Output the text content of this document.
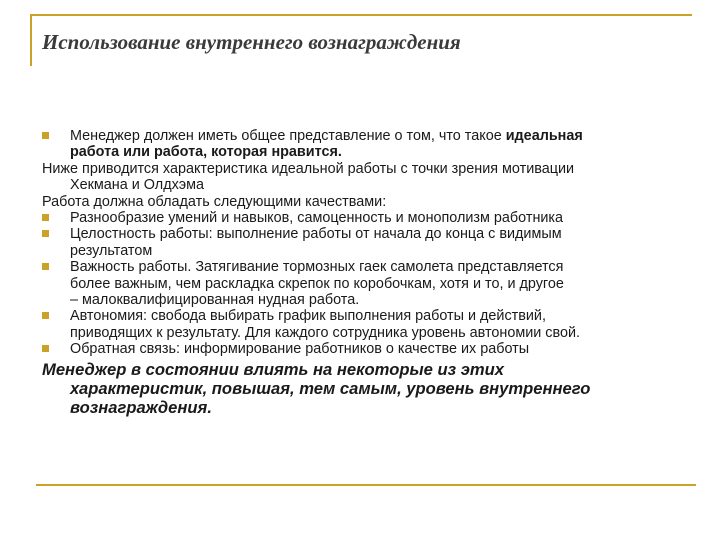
Использование внутреннего вознаграждения
Менеджер должен иметь общее представление о том, что такое идеальная
работа или работа, которая нравится.
Ниже приводится характеристика идеальной работы с точки зрения мотивации
Хекмана и Олдхэма
Работа должна обладать следующими качествами:
Разнообразие умений и навыков, самоценность и монополизм работника
Целостность работы: выполнение работы от начала до конца с видимым
результатом
Важность работы. Затягивание тормозных гаек самолета представляется
более важным, чем раскладка скрепок по коробочкам, хотя и то, и другое
– малоквалифицированная нудная работа.
Автономия: свобода выбирать график выполнения работы и действий,
приводящих к результату. Для каждого сотрудника уровень автономии свой.
Обратная связь: информирование работников о качестве их работы
Менеджер в состоянии влиять на некоторые из этих
характеристик, повышая, тем самым, уровень внутреннего
вознаграждения.
